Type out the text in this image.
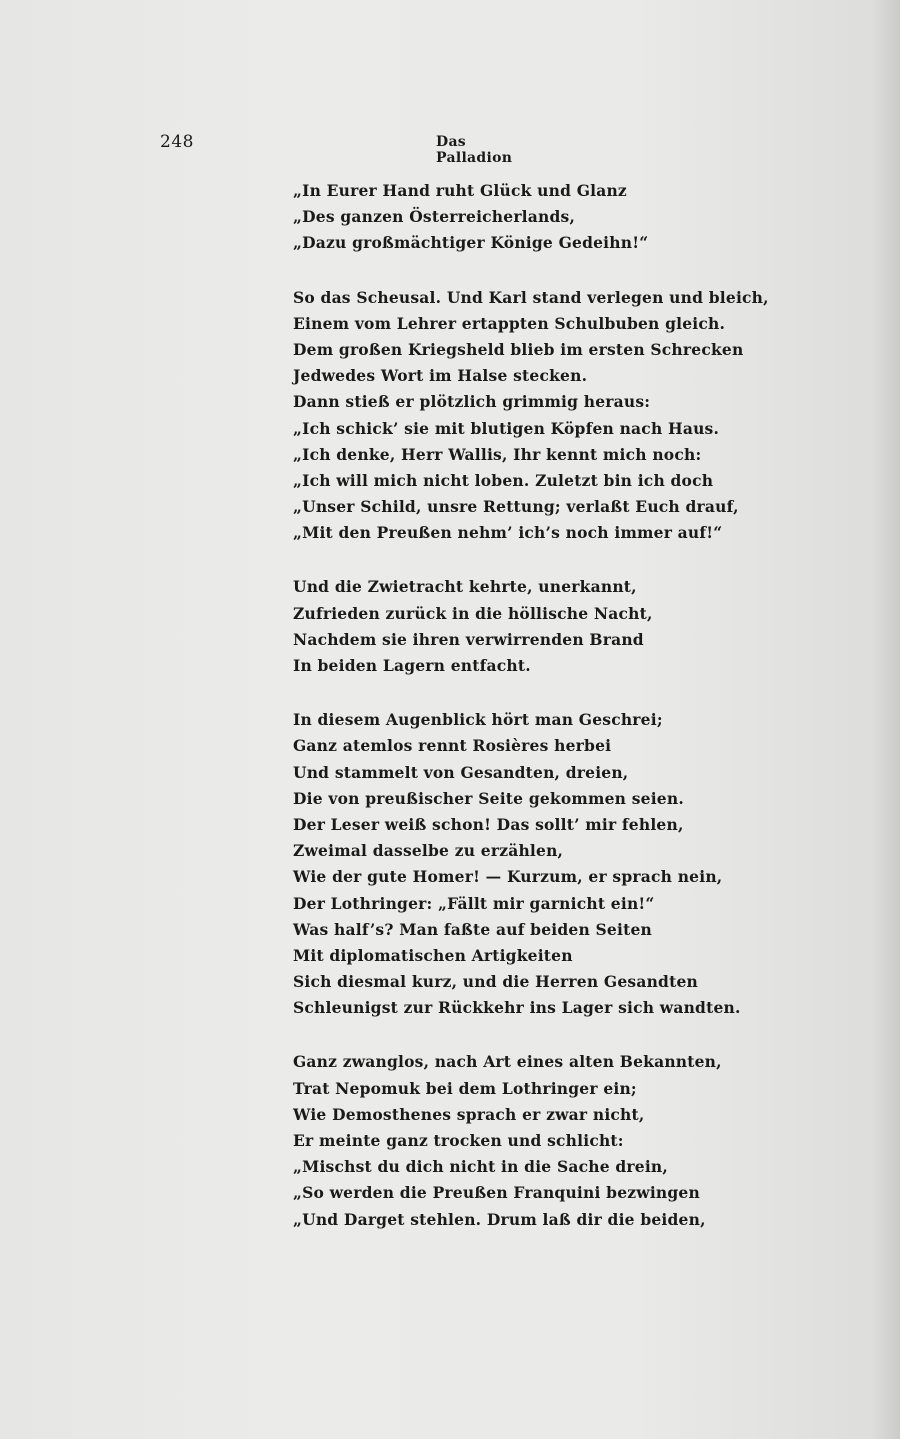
248	Das Palladion
„In Eurer Hand ruht Glück und Glanz
„Des ganzen Österreicherlands,
„Dazu großmächtiger Könige Gedeihn!“
So das Scheusal. Und Karl stand verlegen und bleich,
Einem vom Lehrer ertappten Schulbuben gleich.
Dem großen Kriegsheld blieb im ersten Schrecken
Jedwedes Wort im Halse stecken.
Dann stieß er plötzlich grimmig heraus:
„Ich schick’ sie mit blutigen Köpfen nach Haus.
„Ich denke, Herr Wallis, Ihr kennt mich noch:
„Ich will mich nicht loben. Zuletzt bin ich doch
„Unser Schild, unsre Rettung; verlaßt Euch drauf,
„Mit den Preußen nehm’ ich’s noch immer auf!“
Und die Zwietracht kehrte, unerkannt,
Zufrieden zurück in die höllische Nacht,
Nachdem sie ihren verwirrenden Brand
In beiden Lagern entfacht.
In diesem Augenblick hört man Geschrei;
Ganz atemlos rennt Rosières herbei
Und stammelt von Gesandten, dreien,
Die von preußischer Seite gekommen seien.
Der Leser weiß schon! Das sollt’ mir fehlen,
Zweimal dasselbe zu erzählen,
Wie der gute Homer! — Kurzum, er sprach nein,
Der Lothringer: „Fällt mir garnicht ein!“
Was half’s? Man faßte auf beiden Seiten
Mit diplomatischen Artigkeiten
Sich diesmal kurz, und die Herren Gesandten
Schleunigst zur Rückkehr ins Lager sich wandten.
Ganz zwanglos, nach Art eines alten Bekannten,
Trat Nepomuk bei dem Lothringer ein;
Wie Demosthenes sprach er zwar nicht,
Er meinte ganz trocken und schlicht:
„Mischst du dich nicht in die Sache drein,
„So werden die Preußen Franquini bezwingen
„Und Darget stehlen. Drum laß dir die beiden,
